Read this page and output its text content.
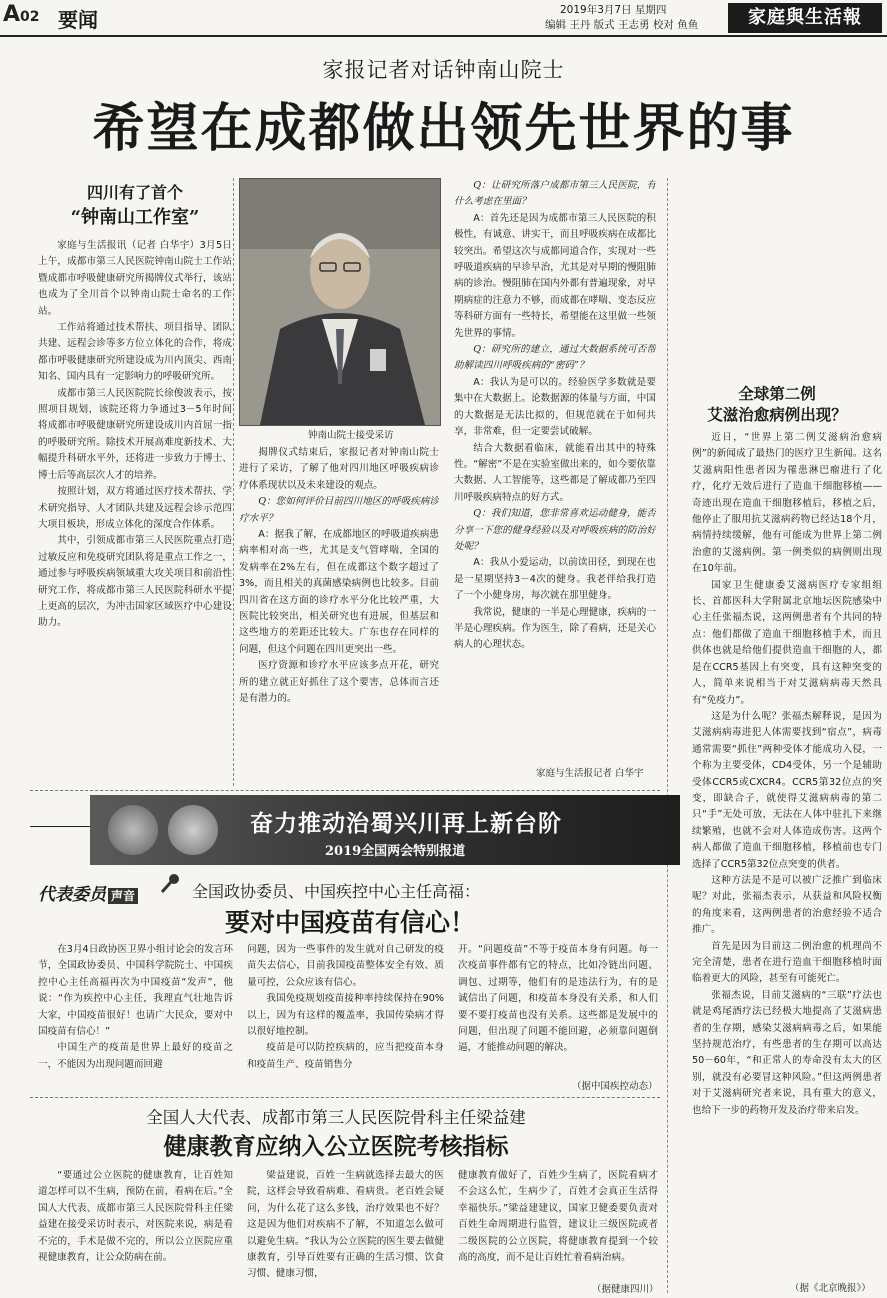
A02 要闻	2019年3月7日 星期四
编辑 王丹 版式 王志勇 校对 鱼鱼	家庭與生活報
家报记者对话钟南山院士
希望在成都做出领先世界的事
四川有了首个
“钟南山工作室”

家庭与生活报讯（记者 白华宇）3月5日上午，成都市第三人民医院钟南山院士工作站暨成都市呼吸健康研究所揭牌仪式举行，该站也成为了全川首个以钟南山院士命名的工作站。

工作站将通过技术帮扶、项目指导、团队共建、远程会诊等多方位立体化的合作，将成都市呼吸健康研究所建设成为川内顶尖、西南知名、国内具有一定影响力的呼吸研究所。

成都市第三人民医院院长徐俊波表示，按照项目规划，该院还将力争通过3－5年时间将成都市呼吸健康研究所建设成川内首屈一指的呼吸研究所。除技术开展高难度新技术、大幅提升科研水平外，还将进一步致力于博士、博士后等高层次人才的培养。

按照计划，双方将通过医疗技术帮扶、学术研究指导、人才团队共建及远程会诊示范四大项目板块，形成立体化的深度合作体系。

其中，引领成都市第三人民医院重点打造过敏反应和免疫研究团队将是重点工作之一，通过参与呼吸疾病领域重大攻关项目和前沿性研究工作，将成都市第三人民医院科研水平提上更高的层次，为冲击国家区域医疗中心建设助力。

钟南山院士接受采访

揭牌仪式结束后，家报记者对钟南山院士进行了采访，了解了他对四川地区呼吸疾病诊疗体系现状以及未来建设的观点。

Q：您如何评价目前四川地区的呼吸疾病诊疗水平？

A：据我了解，在成都地区的呼吸道疾病患病率相对高一些，尤其是支气管哮喘，全国的发病率在2%左右，但在成都这个数字超过了3%，而且相关的真菌感染病例也比较多。目前四川省在这方面的诊疗水平分化比较严重，大医院比较突出，相关研究也有进展，但基层和这些地方的差距还比较大。广东也存在同样的问题，但这个问题在四川更突出一些。

医疗资源和诊疗水平应该多点开花，研究所的建立就正好抓住了这个要害，总体而言还是有潜力的。

Q：让研究所落户成都市第三人民医院，有什么考虑在里面？

A：首先还是因为成都市第三人民医院的积极性，有诚意、讲实干，而且呼吸疾病在成都比较突出。希望这次与成都同道合作，实现对一些呼吸道疾病的早诊早治，尤其是对早期的慢阻肺病的诊治。慢阻肺在国内外都有普遍现象，对早期病症的注意力不够，而成都在哮喘、变态反应等科研方面有一些特长，希望能在这里做一些领先世界的事情。

Q：研究所的建立，通过大数据系统可否帮助解读四川呼吸疾病的“密码”？

A：我认为是可以的。经验医学多数就是要集中在大数据上。论数据源的体量与方面，中国的大数据是无法比拟的，但规范就在于如何共享，非常难，但一定要尝试破解。

结合大数据看临床，就能看出其中的特殊性。“解密”不是在实验室做出来的，如今要依靠大数据、人工智能等，这些都是了解成都乃至四川呼吸疾病特点的好方式。

Q：我们知道，您非常喜欢运动健身，能否分享一下您的健身经验以及对呼吸疾病的防治好处呢？

A：我从小爱运动，以前读田径，到现在也是一星期坚持3－4次的健身。我老伴给我打造了一个小健身房，每次就在那里健身。

我常说，健康的一半是心理健康，疾病的一半是心理疾病。作为医生，除了看病，还是关心病人的心理状态。

家庭与生活报记者 白华宇
全球第二例
艾滋治愈病例出现？

近日，“世界上第二例艾滋病治愈病例”的新闻成了最热门的医疗卫生新闻。这名艾滋病阳性患者因为罹患淋巴瘤进行了化疗，化疗无效后进行了造血干细胞移植——奇迹出现在造血干细胞移植后，移植之后，他停止了服用抗艾滋病药物已经达18个月，病情持续缓解，他有可能成为世界上第二例治愈的艾滋病例。第一例类似的病例则出现在10年前。

国家卫生健康委艾滋病医疗专家组组长、首都医科大学附属北京地坛医院感染中心主任张福杰说，这两例患者有个共同的特点：他们都做了造血干细胞移植手术，而且供体也就是给他们提供造血干细胞的人，都是在CCR5基因上有突变，具有这种突变的人，简单来说相当于对艾滋病病毒天然具有“免疫力”。

这是为什么呢？张福杰解释说，是因为艾滋病病毒进犯人体需要找到“宿点”，病毒通常需要“抓住”两种受体才能成功入侵，一个称为主要受体，CD4受体，另一个是辅助受体CCR5或CXCR4。CCR5第32位点的突变，即缺合子，就使得艾滋病病毒的第二只“手”无处可放，无法在人体中驻扎下来继续繁殖，也就不会对人体造成伤害。这两个病人都做了造血干细胞移植，移植前也专门选择了CCR5第32位点突变的供者。

这种方法是不是可以被广泛推广到临床呢？对此，张福杰表示，从获益和风险权衡的角度来看，这两例患者的治愈经验不适合推广。

首先是因为目前这二例治愈的机理尚不完全清楚，患者在进行造血干细胞移植时面临着更大的风险，甚至有可能死亡。

张福杰说，目前艾滋病的“三联”疗法也就是鸡尾酒疗法已经极大地提高了艾滋病患者的生存期，感染艾滋病病毒之后，如果能坚持规范治疗，有些患者的生存期可以高达50－60年，“和正常人的寿命没有太大的区别，就没有必要冒这种风险。”但这两例患者对于艾滋病研究者来说，具有重大的意义，也给下一步的药物开发及治疗带来启发。

（据《北京晚报》）
奋力推动治蜀兴川再上新台阶
2019全国两会特别报道
代表委员 声音	全国政协委员、中国疾控中心主任高福：
要对中国疫苗有信心！

在3月4日政协医卫界小组讨论会的发言环节，全国政协委员、中国科学院院士、中国疾控中心主任高福再次为中国疫苗“发声”，他说：“作为疾控中心主任，我理直气壮地告诉大家，中国疫苗很好！也请广大民众，要对中国疫苗有信心！”

中国生产的疫苗是世界上最好的疫苗之一，不能因为出现问题而回避

问题，因为一些事件的发生就对自己研发的疫苗失去信心，目前我国疫苗整体安全有效、质量可控，公众应该有信心。

我国免疫规划疫苗接种率持续保持在90%以上，因为有这样的覆盖率，我国传染病才得以很好地控制。

疫苗是可以防控疾病的，应当把疫苗本身和疫苗生产、疫苗销售分

开。“问题疫苗”不等于疫苗本身有问题。每一次疫苗事件都有它的特点，比如冷链出问题、调包、过期等，他们有的是违法行为，有的是诚信出了问题，和疫苗本身没有关系，和人们要不要打疫苗也没有关系。这些都是发展中的问题，但出现了问题不能回避，必须靠问题倒逼，才能推动问题的解决。

（据中国疾控动态）
全国人大代表、成都市第三人民医院骨科主任梁益建
健康教育应纳入公立医院考核指标

“要通过公立医院的健康教育，让百姓知道怎样可以不生病，预防在前，看病在后。”全国人大代表、成都市第三人民医院骨科主任梁益建在接受采访时表示，对医院来说，病是看不完的，手术是做不完的，所以公立医院应重视健康教育，让公众防病在前。

梁益建说，百姓一生病就选择去最大的医院，这样会导致看病难、看病贵。老百姓会疑问，为什么花了这么多钱，治疗效果也不好？这是因为他们对疾病不了解，不知道怎么做可以避免生病。“我认为公立医院的医生要去做健康教育，引导百姓要有正确的生活习惯、饮食习惯、健康习惯，

健康教育做好了，百姓少生病了，医院看病才不会这么忙，生病少了，百姓才会真正生活得幸福快乐。”梁益建建议，国家卫健委要负责对百姓生命周期进行监管，建议让三级医院或者二级医院的公立医院，将健康教育提到一个较高的高度，而不是让百姓忙着看病治病。

（据健康四川）
